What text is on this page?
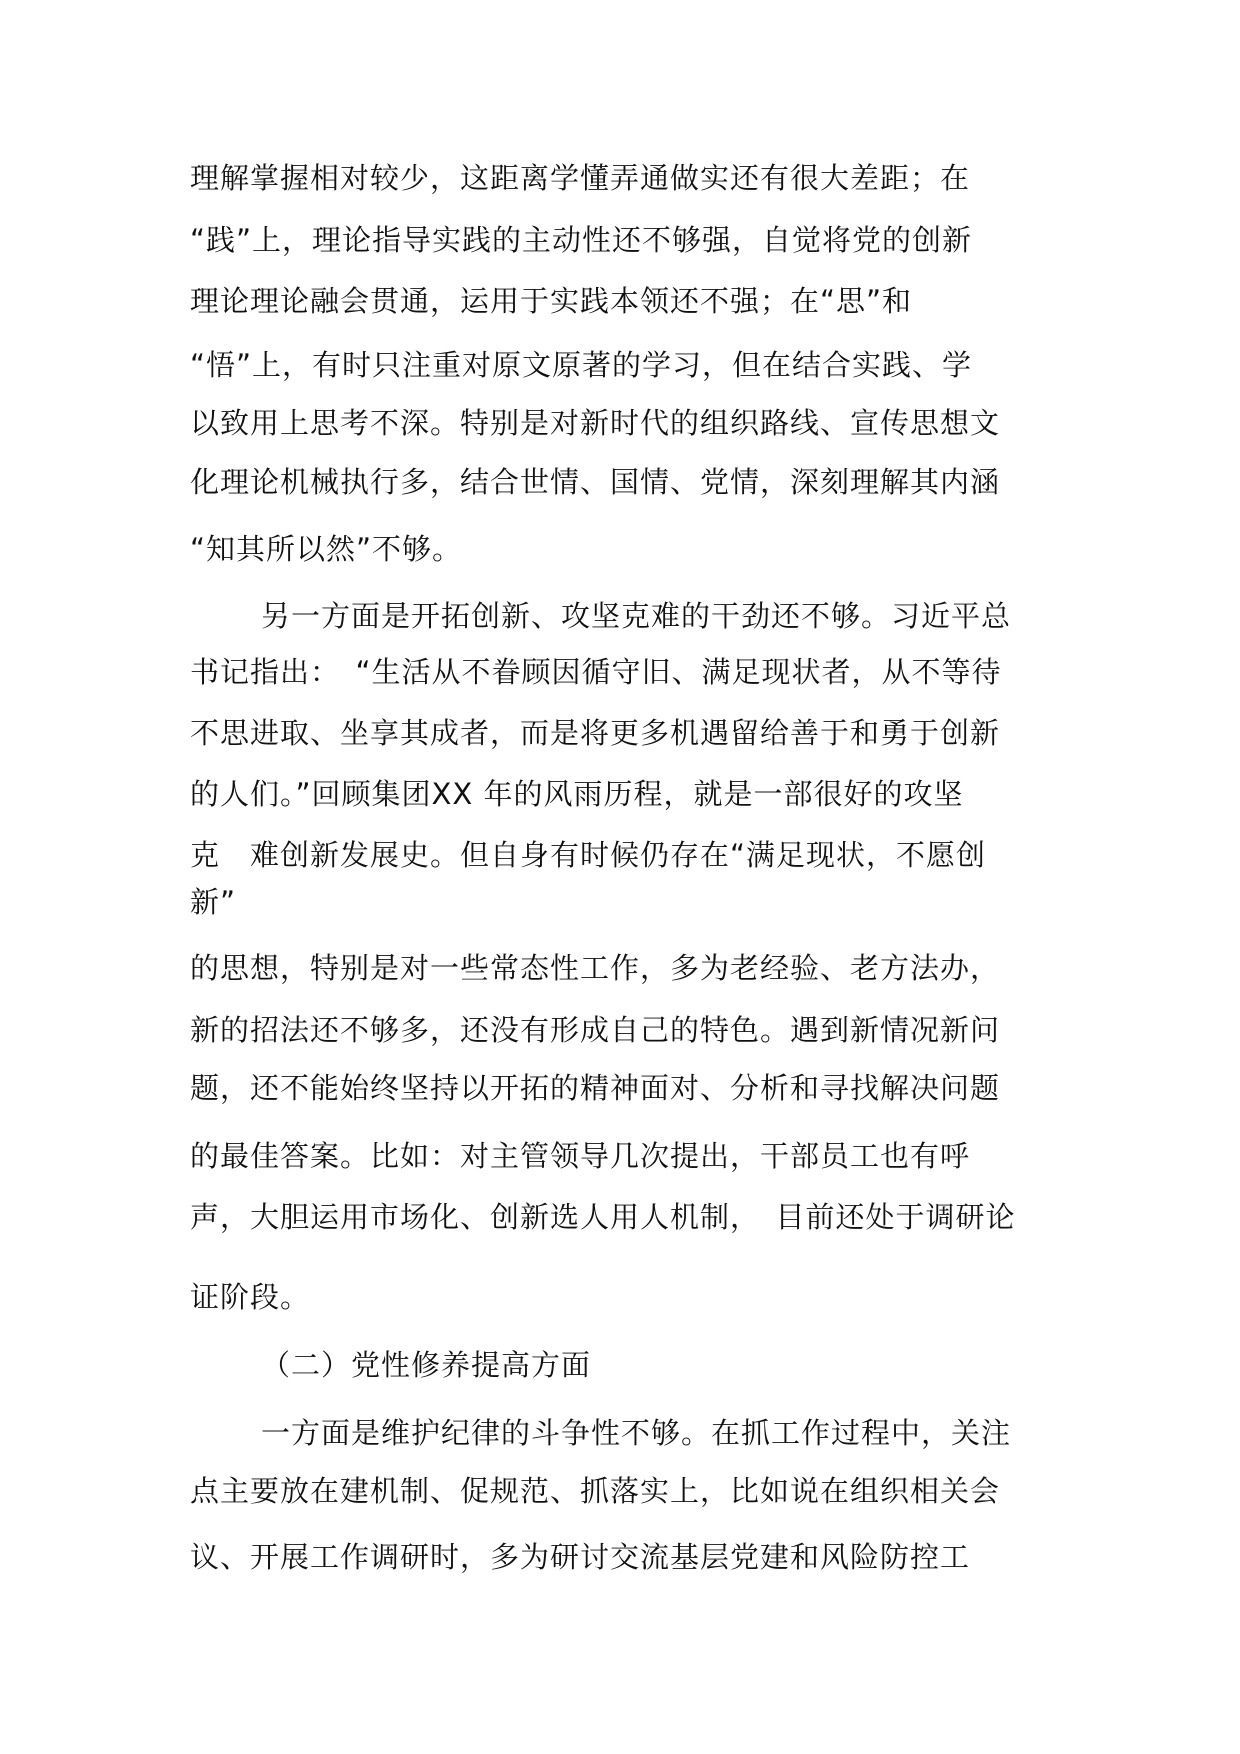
理解掌握相对较少，这距离学懂弄通做实还有很大差距；在
“践”上，理论指导实践的主动性还不够强，自觉将党的创新
理论理论融会贯通，运用于实践本领还不强；在“思”和
“悟”上，有时只注重对原文原著的学习，但在结合实践、学
以致用上思考不深。特别是对新时代的组织路线、宣传思想文
化理论机械执行多，结合世情、国情、党情，深刻理解其内涵
“知其所以然”不够。
另一方面是开拓创新、攻坚克难的干劲还不够。习近平总
书记指出：　“生活从不眷顾因循守旧、满足现状者，从不等待
不思进取、坐享其成者，而是将更多机遇留给善于和勇于创新
的人们。”回顾集团XX 年的风雨历程，就是一部很好的攻坚
克　难创新发展史。但自身有时候仍存在“满足现状，不愿创
新”
的思想，特别是对一些常态性工作，多为老经验、老方法办，
新的招法还不够多，还没有形成自己的特色。遇到新情况新问
题，还不能始终坚持以开拓的精神面对、分析和寻找解决问题
的最佳答案。比如：对主管领导几次提出，干部员工也有呼
声，大胆运用市场化、创新选人用人机制，　目前还处于调研论
证阶段。
（二）党性修养提高方面
一方面是维护纪律的斗争性不够。在抓工作过程中，关注
点主要放在建机制、促规范、抓落实上，比如说在组织相关会
议、开展工作调研时，多为研讨交流基层党建和风险防控工
